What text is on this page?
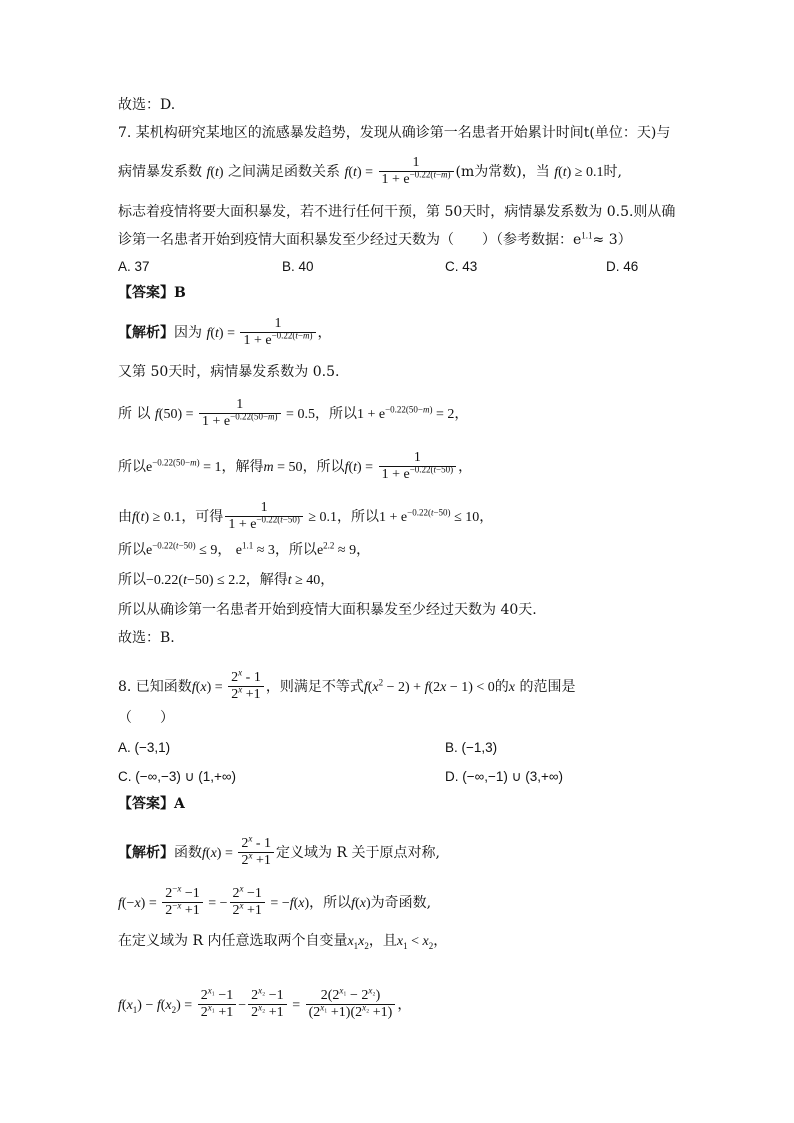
故选：D.
7. 某机构研究某地区的流感暴发趋势，发现从确诊第一名患者开始累计时间t(单位：天)与
病情暴发系数 f(t) 之间满足函数关系 $f(t) = \frac{1}{1 + e^{-0.22(t-m)}} (m$为常数)，当 f(t) ≥ 0.1时,
标志着疫情将要大面积暴发，若不进行任何干预，第 50天时，病情暴发系数为 0.5.则从确
诊第一名患者开始到疫情大面积暴发至少经过天数为（　　）（参考数据：$e^{1.1}\approx 3$）
A. 37	B. 40	C. 43	D. 46
【答案】B
【解析】因为 $f(t) = \frac{1}{1 + e^{-0.22(t-m)}}$ ，
又第 50天时，病情暴发系数为 0.5.
所 以 $f(50) = \frac{1}{1 + e^{-0.22(50-m)}} = 0.5$，所以$1 + e^{-0.22(50-m)} = 2$，
所以$e^{-0.22(50-m)} = 1$，解得m = 50，所以$f(t) = \frac{1}{1 + e^{-0.22(t-50)}}$ ，
由f(t) ≥ 0.1，可得 $\frac{1}{1 + e^{-0.22(t-50)}} \ge 0.1$，所以$1 + e^{-0.22(t-50)} \le 10$，
所以$e^{-0.22(t-50)} \le 9$， $e^{1.1} \approx 3$，所以$e^{2.2} \approx 9$，
所以−0.22(t−50) ≤ 2.2，解得t ≥ 40，
所以从确诊第一名患者开始到疫情大面积暴发至少经过天数为 40天.
故选：B.
8. 已知函数$f(x) = \frac{2^x - 1}{2^x +1}$ ，则满足不等式$f(x^2 - 2) + f(2x - 1) < 0$的x 的范围是
（　　）
A. (−3,1)	B. (−1,3)
C. (−∞,−3) ∪ (1,+∞)	D. (−∞,−1) ∪ (3,+∞)
【答案】A
【解析】函数$f(x) = \frac{2^x - 1}{2^x +1}$ 定义域为 R 关于原点对称,
$f(-x) = \frac{2^{-x} -1}{2^{-x} +1}$ = − $\frac{2^x -1}{2^x +1} = -f(x)$，所以f(x)为奇函数,
在定义域为 R 内任意选取两个自变量$x_1x_2$，且$x_1 < x_2$，
$f(x_1) - f(x_2) = \frac{2^{x_1} -1}{2^{x_1} +1} - \frac{2^{x_2} -1}{2^{x_2} +1} = \frac{2(2^{x_1} - 2^{x_2})}{(2^{x_1} +1)(2^{x_2} +1)}$ ，
